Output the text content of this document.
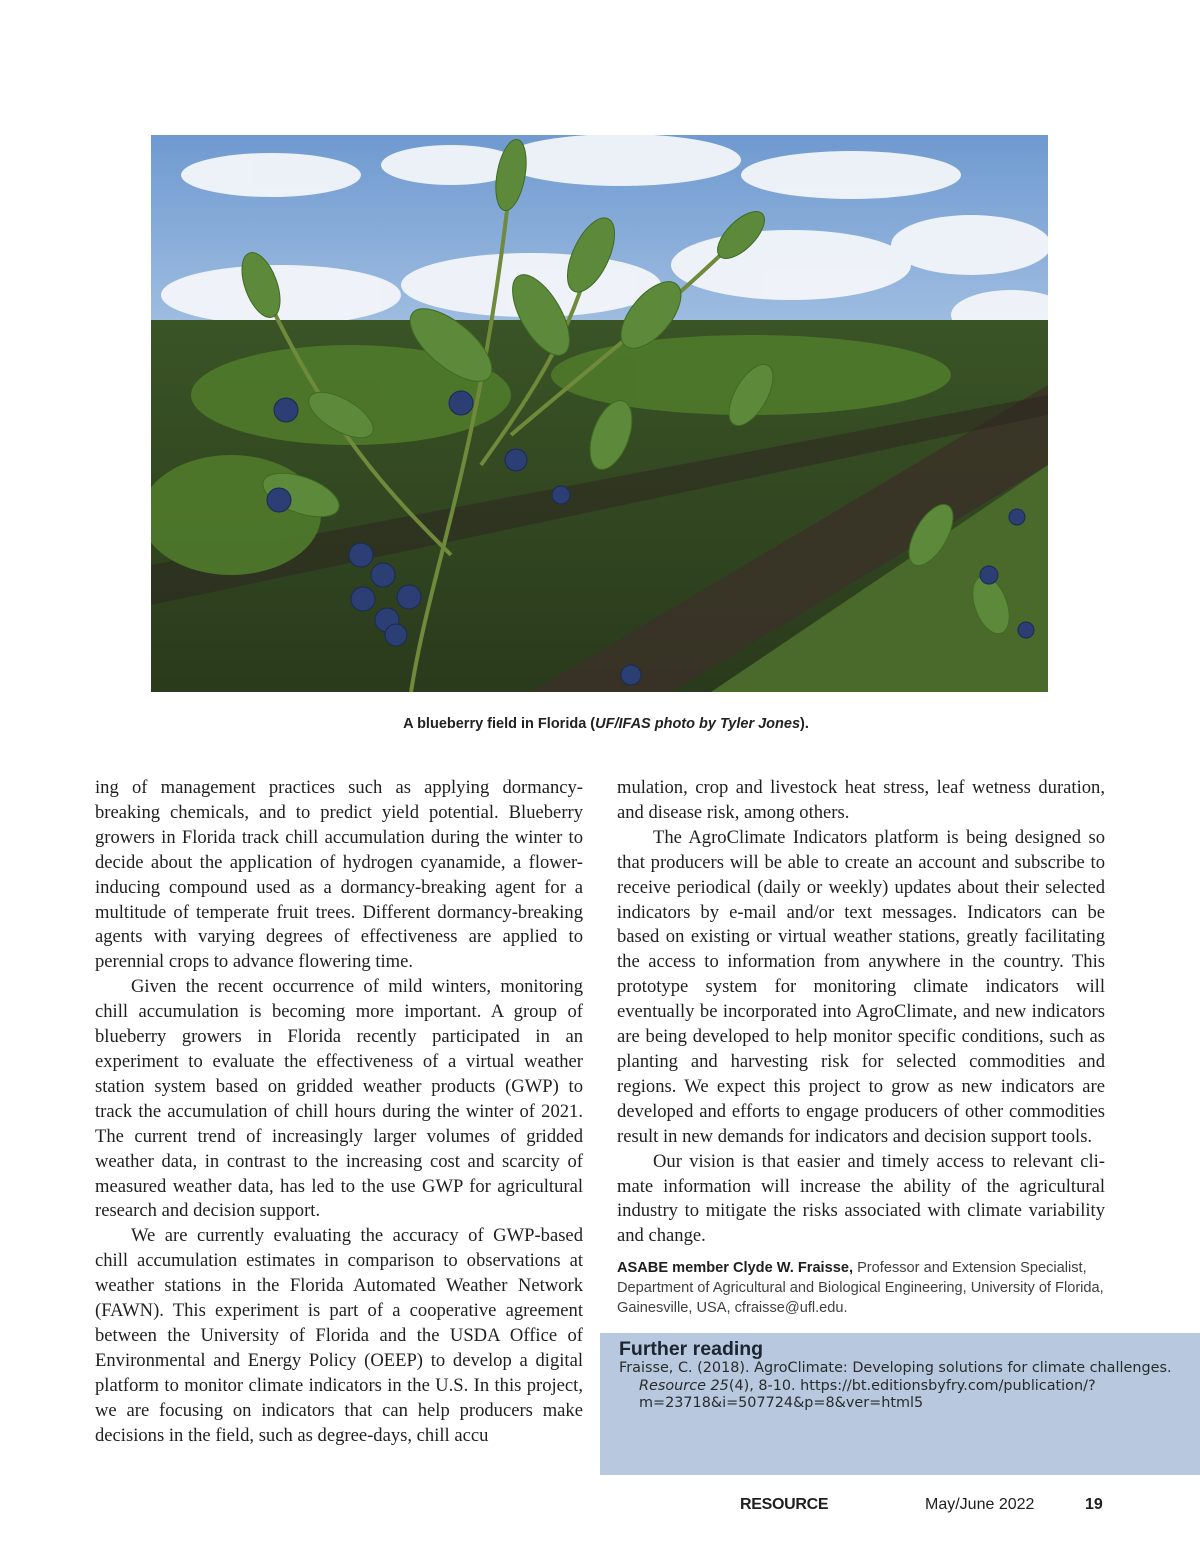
A blueberry field in Florida (UF/IFAS photo by Tyler Jones).

ing of management practices such as applying dormancy-breaking chemicals, and to predict yield potential. Blueberry growers in Florida track chill accumulation during the winter to decide about the application of hydrogen cyanamide, a flower-inducing compound used as a dormancy-breaking agent for a multitude of temperate fruit trees. Different dormancy-breaking agents with varying degrees of effectiveness are applied to perennial crops to advance flowering time.

Given the recent occurrence of mild winters, monitoring chill accumulation is becoming more important. A group of blueberry growers in Florida recently participated in an experiment to evaluate the effectiveness of a virtual weather station system based on gridded weather products (GWP) to track the accumulation of chill hours during the winter of 2021. The current trend of increasingly larger volumes of gridded weather data, in contrast to the increasing cost and scarcity of measured weather data, has led to the use GWP for agricultural research and decision support.

We are currently evaluating the accuracy of GWP-based chill accumulation estimates in comparison to observations at weather stations in the Florida Automated Weather Network (FAWN). This experiment is part of a cooperative agreement between the University of Florida and the USDA Office of Environmental and Energy Policy (OEEP) to develop a digital platform to monitor climate indicators in the U.S. In this project, we are focusing on indicators that can help producers make decisions in the field, such as degree-days, chill accu

mulation, crop and livestock heat stress, leaf wetness duration, and disease risk, among others.

The AgroClimate Indicators platform is being designed so that producers will be able to create an account and subscribe to receive periodical (daily or weekly) updates about their selected indicators by e-mail and/or text messages. Indicators can be based on existing or virtual weather stations, greatly facilitating the access to information from anywhere in the country. This prototype system for monitoring climate indicators will eventually be incorporated into AgroClimate, and new indicators are being developed to help monitor specific conditions, such as planting and harvesting risk for selected commodities and regions. We expect this project to grow as new indicators are developed and efforts to engage producers of other commodities result in new demands for indicators and decision support tools.

Our vision is that easier and timely access to relevant climate information will increase the ability of the agricultural industry to mitigate the risks associated with climate variability and change.

ASABE member Clyde W. Fraisse, Professor and Extension Specialist, Department of Agricultural and Biological Engineering, University of Florida, Gainesville, USA, cfraisse@ufl.edu.
Further reading
Fraisse, C. (2018). AgroClimate: Developing solutions for climate challenges. Resource 25(4), 8-10. https://bt.editionsbyfry.com/publication/?m=23718&i=507724&p=8&ver=​html5
RESOURCE	May/June 2022	19
